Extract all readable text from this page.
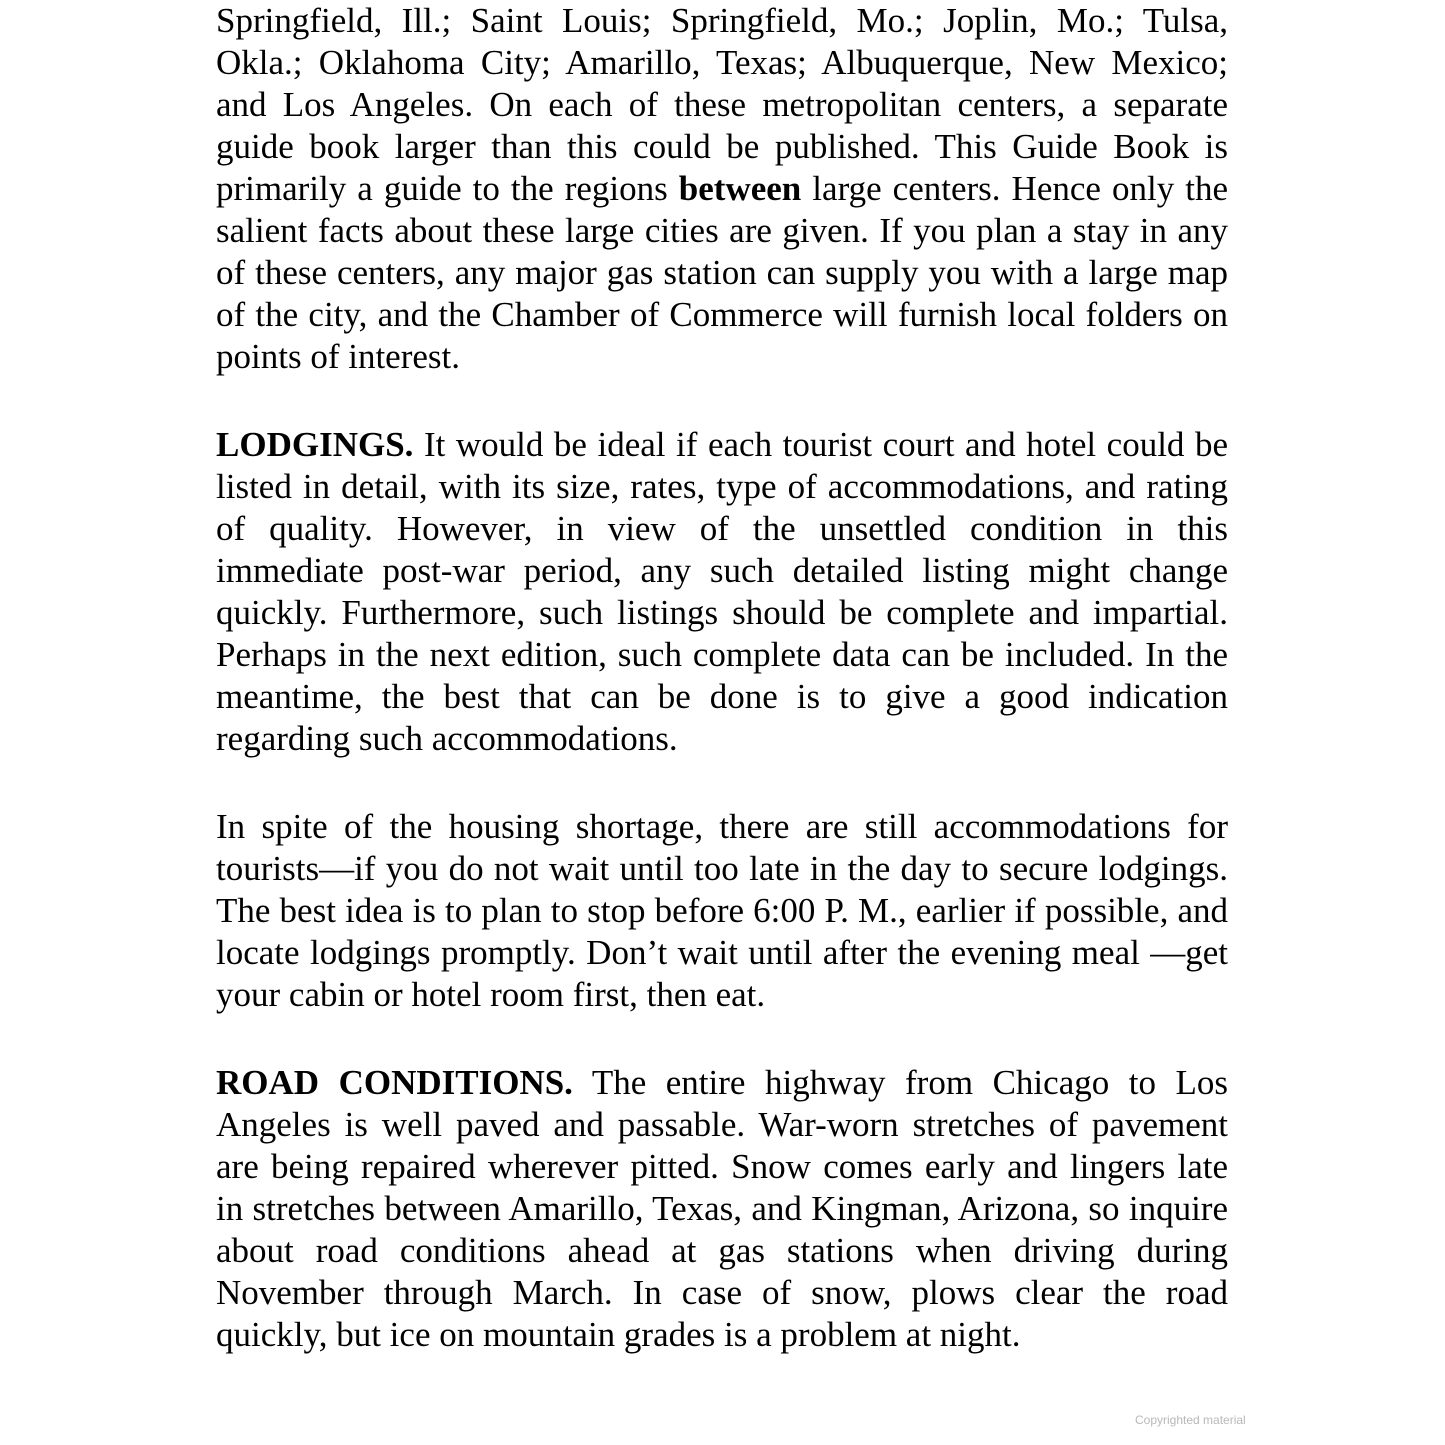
Springfield, Ill.; Saint Louis; Springfield, Mo.; Joplin, Mo.; Tulsa, Okla.; Oklahoma City; Amarillo, Texas; Albuquerque, New Mexico; and Los Angeles. On each of these metropolitan centers, a separate guide book larger than this could be published. This Guide Book is primarily a guide to the regions between large centers. Hence only the salient facts about these large cities are given. If you plan a stay in any of these centers, any major gas station can supply you with a large map of the city, and the Chamber of Commerce will furnish local folders on points of interest.

LODGINGS. It would be ideal if each tourist court and hotel could be listed in detail, with its size, rates, type of accommodations, and rating of quality. However, in view of the unsettled condition in this immediate post-war period, any such detailed listing might change quickly. Furthermore, such listings should be complete and impartial. Perhaps in the next edition, such complete data can be included. In the meantime, the best that can be done is to give a good indication regarding such accommodations.

In spite of the housing shortage, there are still accommodations for tourists—if you do not wait until too late in the day to secure lodgings. The best idea is to plan to stop before 6:00 P. M., earlier if possible, and locate lodgings promptly. Don’t wait until after the evening meal —get your cabin or hotel room first, then eat.

ROAD CONDITIONS. The entire highway from Chicago to Los Angeles is well paved and passable. War-worn stretches of pavement are being repaired wherever pitted. Snow comes early and lingers late in stretches between Amarillo, Texas, and Kingman, Arizona, so inquire about road conditions ahead at gas stations when driving during November through March. In case of snow, plows clear the road quickly, but ice on mountain grades is a problem at night.

Copyrighted material
